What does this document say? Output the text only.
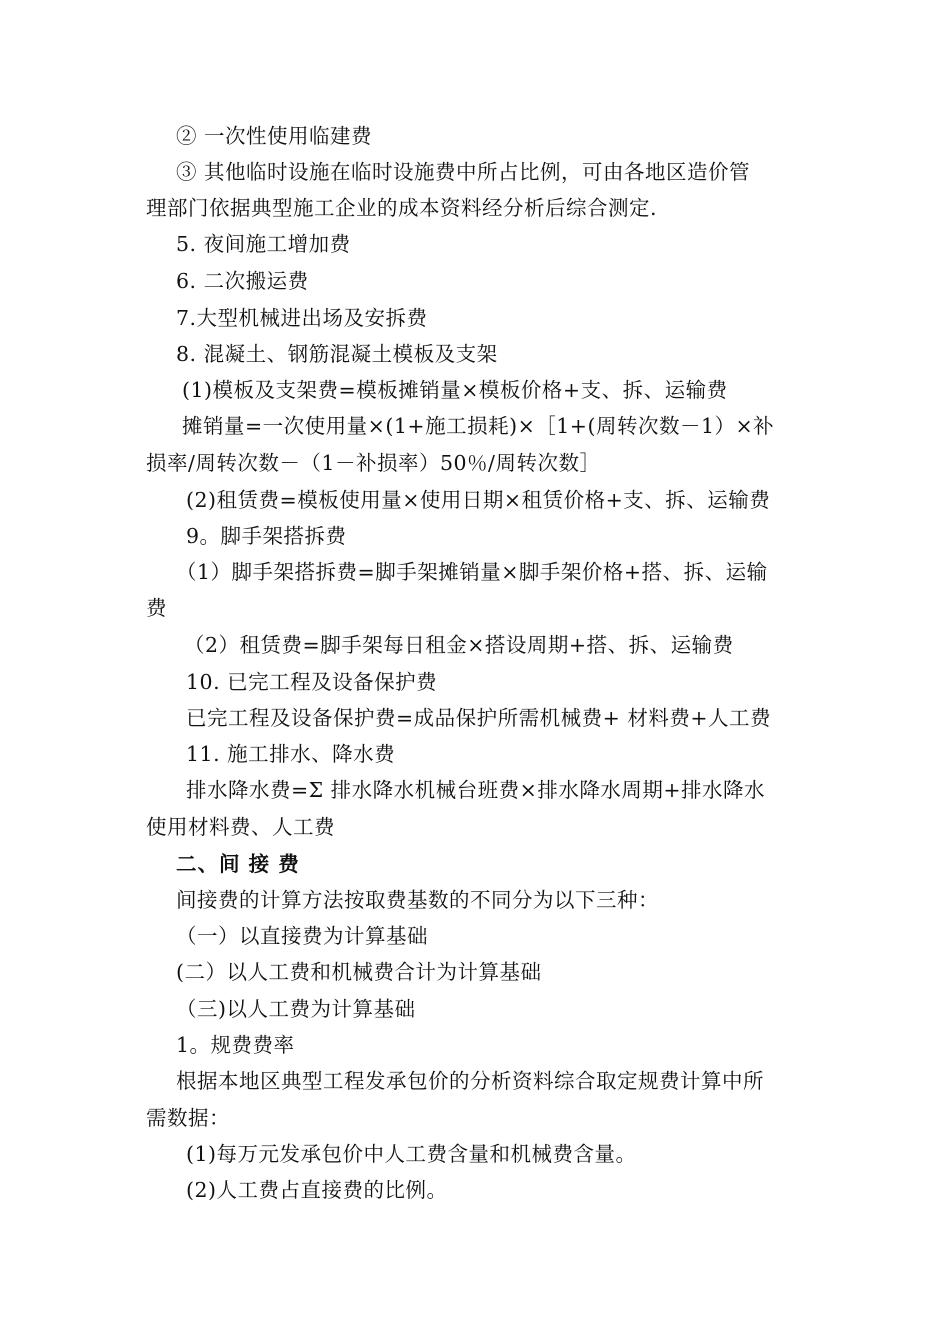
② 一次性使用临建费
③ 其他临时设施在临时设施费中所占比例，可由各地区造价管
理部门依据典型施工企业的成本资料经分析后综合测定.
5. 夜间施工增加费
6. 二次搬运费
7.大型机械进出场及安拆费
8. 混凝土、钢筋混凝土模板及支架
(1)模板及支架费=模板摊销量×模板价格+支、拆、运输费
摊销量=一次使用量×(1+施工损耗)×［1+(周转次数－1）×补
损率/周转次数－（1－补损率）50％/周转次数］
(2)租赁费=模板使用量×使用日期×租赁价格+支、拆、运输费
9。脚手架搭拆费
（1）脚手架搭拆费=脚手架摊销量×脚手架价格+搭、拆、运输
费
（2）租赁费=脚手架每日租金×搭设周期+搭、拆、运输费
10. 已完工程及设备保护费
已完工程及设备保护费=成品保护所需机械费+ 材料费+人工费
11. 施工排水、降水费
排水降水费=Σ 排水降水机械台班费×排水降水周期+排水降水
使用材料费、人工费
二、间 接 费
间接费的计算方法按取费基数的不同分为以下三种：
（一）以直接费为计算基础
(二）以人工费和机械费合计为计算基础
（三)以人工费为计算基础
1。规费费率
根据本地区典型工程发承包价的分析资料综合取定规费计算中所
需数据：
(1)每万元发承包价中人工费含量和机械费含量。
(2)人工费占直接费的比例。
